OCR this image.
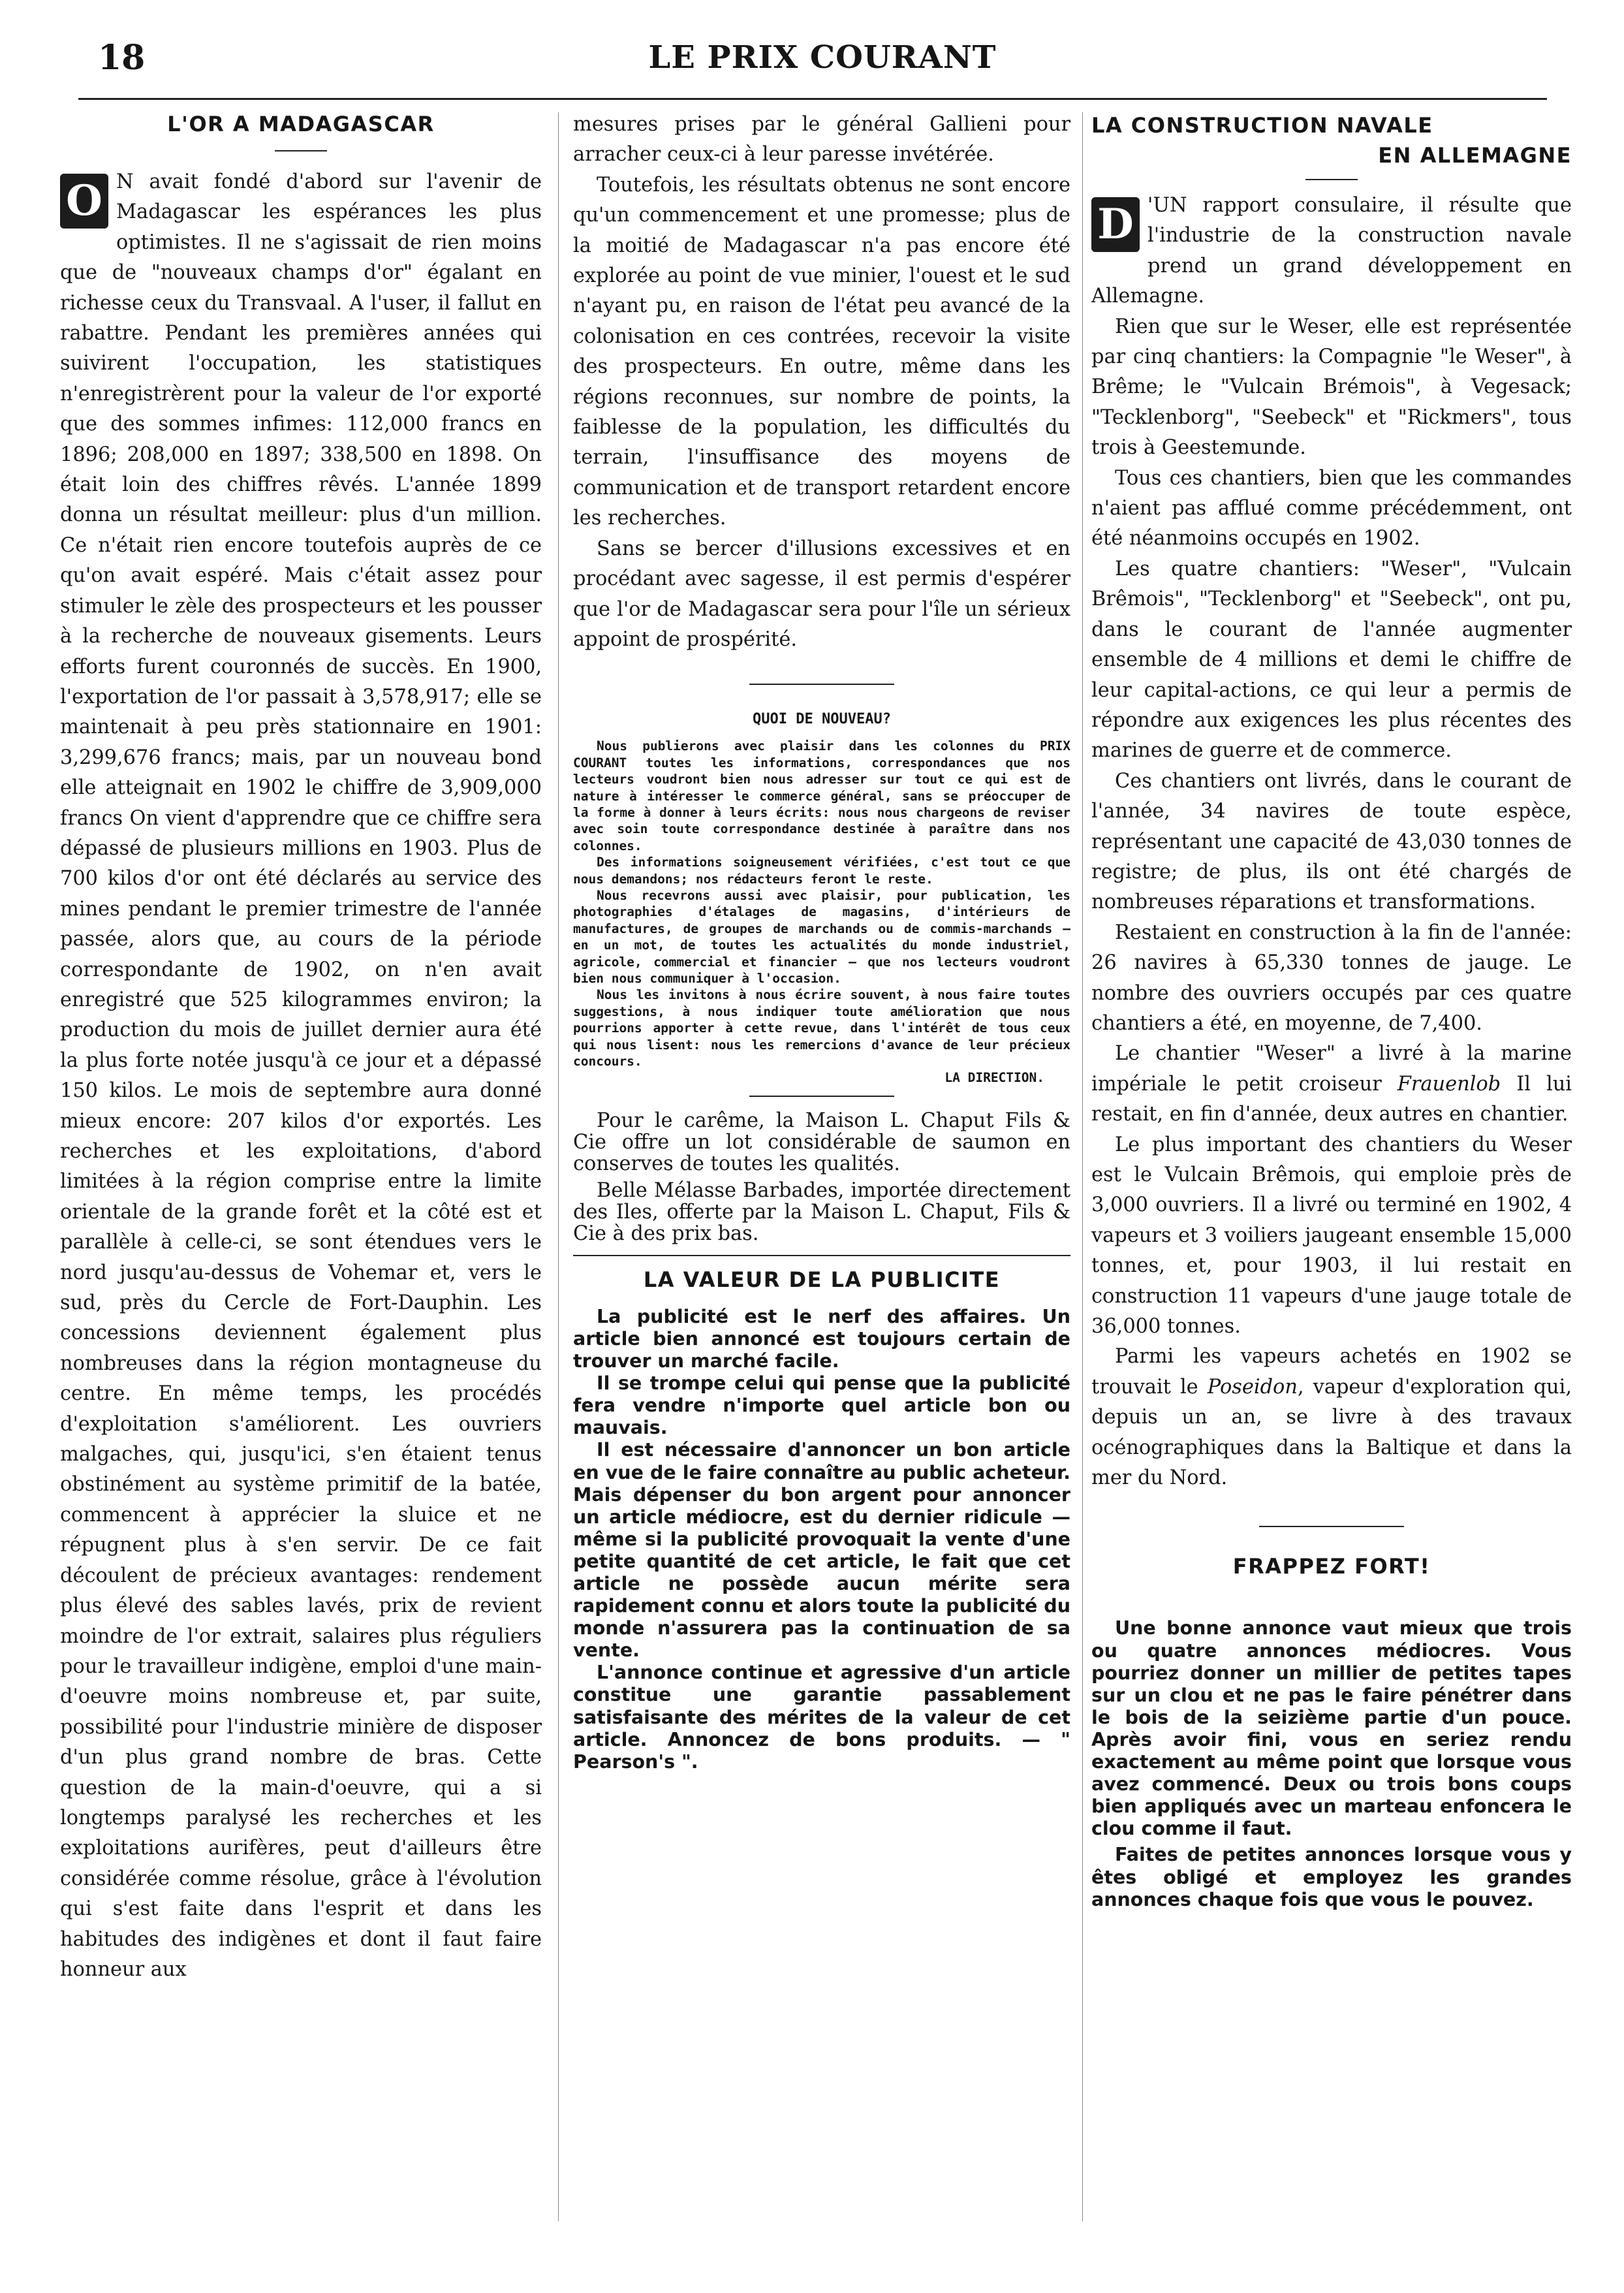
18	LE PRIX COURANT
L'OR A MADAGASCAR

O N avait fondé d'abord sur l'avenir de Madagascar les espérances les plus optimistes. Il ne s'agissait de rien moins que de "nouveaux champs d'or" égalant en richesse ceux du Transvaal. A l'user, il fallut en rabattre. Pendant les premières années qui suivirent l'occupation, les statistiques n'enregistrèrent pour la valeur de l'or exporté que des sommes infimes: 112,000 francs en 1896; 208,000 en 1897; 338,500 en 1898. On était loin des chiffres rêvés. L'année 1899 donna un résultat meilleur: plus d'un million. Ce n'était rien encore toutefois auprès de ce qu'on avait espéré. Mais c'était assez pour stimuler le zèle des prospecteurs et les pousser à la recherche de nouveaux gisements. Leurs efforts furent couronnés de succès. En 1900, l'exportation de l'or passait à 3,578,917; elle se maintenait à peu près stationnaire en 1901: 3,299,676 francs; mais, par un nouveau bond elle atteignait en 1902 le chiffre de 3,909,000 francs On vient d'apprendre que ce chiffre sera dépassé de plusieurs millions en 1903. Plus de 700 kilos d'or ont été déclarés au service des mines pendant le premier trimestre de l'année passée, alors que, au cours de la période correspondante de 1902, on n'en avait enregistré que 525 kilogrammes environ; la production du mois de juillet dernier aura été la plus forte notée jusqu'à ce jour et a dépassé 150 kilos. Le mois de septembre aura donné mieux encore: 207 kilos d'or exportés. Les recherches et les exploitations, d'abord limitées à la région comprise entre la limite orientale de la grande forêt et la côté est et parallèle à celle-ci, se sont étendues vers le nord jusqu'au-dessus de Vohemar et, vers le sud, près du Cercle de Fort-Dauphin. Les concessions deviennent également plus nombreuses dans la région montagneuse du centre. En même temps, les procédés d'exploitation s'améliorent. Les ouvriers malgaches, qui, jusqu'ici, s'en étaient tenus obstinément au système primitif de la batée, commencent à apprécier la sluice et ne répugnent plus à s'en servir. De ce fait découlent de précieux avantages: rendement plus élevé des sables lavés, prix de revient moindre de l'or extrait, salaires plus réguliers pour le travailleur indigène, emploi d'une main-d'oeuvre moins nombreuse et, par suite, possibilité pour l'industrie minière de disposer d'un plus grand nombre de bras. Cette question de la main-d'oeuvre, qui a si longtemps paralysé les recherches et les exploitations aurifères, peut d'ailleurs être considérée comme résolue, grâce à l'évolution qui s'est faite dans l'esprit et dans les habitudes des indigènes et dont il faut faire honneur aux

mesures prises par le général Gallieni pour arracher ceux-ci à leur paresse invétérée.

Toutefois, les résultats obtenus ne sont encore qu'un commencement et une promesse; plus de la moitié de Madagascar n'a pas encore été explorée au point de vue minier, l'ouest et le sud n'ayant pu, en raison de l'état peu avancé de la colonisation en ces contrées, recevoir la visite des prospecteurs. En outre, même dans les régions reconnues, sur nombre de points, la faiblesse de la population, les difficultés du terrain, l'insuffisance des moyens de communication et de transport retardent encore les recherches.

Sans se bercer d'illusions excessives et en procédant avec sagesse, il est permis d'espérer que l'or de Madagascar sera pour l'île un sérieux appoint de prospérité.

QUOI DE NOUVEAU?

Nous publierons avec plaisir dans les colonnes du PRIX COURANT toutes les informations, correspondances que nos lecteurs voudront bien nous adresser sur tout ce qui est de nature à intéresser le commerce général, sans se préoccuper de la forme à donner à leurs écrits: nous nous chargeons de reviser avec soin toute correspondance destinée à paraître dans nos colonnes.

Des informations soigneusement vérifiées, c'est tout ce que nous demandons; nos rédacteurs feront le reste.

Nous recevrons aussi avec plaisir, pour publication, les photographies d'étalages de magasins, d'intérieurs de manufactures, de groupes de marchands ou de commis-marchands — en un mot, de toutes les actualités du monde industriel, agricole, commercial et financier — que nos lecteurs voudront bien nous communiquer à l'occasion.

Nous les invitons à nous écrire souvent, à nous faire toutes suggestions, à nous indiquer toute amélioration que nous pourrions apporter à cette revue, dans l'intérêt de tous ceux qui nous lisent: nous les remercions d'avance de leur précieux concours.

LA DIRECTION.

Pour le carême, la Maison L. Chaput Fils & Cie offre un lot considérable de saumon en conserves de toutes les qualités.

Belle Mélasse Barbades, importée directement des Iles, offerte par la Maison L. Chaput, Fils & Cie à des prix bas.

LA VALEUR DE LA PUBLICITE

La publicité est le nerf des affaires. Un article bien annoncé est toujours certain de trouver un marché facile.

Il se trompe celui qui pense que la publicité fera vendre n'importe quel article bon ou mauvais.

Il est nécessaire d'annoncer un bon article en vue de le faire connaître au public acheteur. Mais dépenser du bon argent pour annoncer un article médiocre, est du dernier ridicule — même si la publicité provoquait la vente d'une petite quantité de cet article, le fait que cet article ne possède aucun mérite sera rapidement connu et alors toute la publicité du monde n'assurera pas la continuation de sa vente.

L'annonce continue et agressive d'un article constitue une garantie passablement satisfaisante des mérites de la valeur de cet article. Annoncez de bons produits. — " Pearson's ".

LA CONSTRUCTION NAVALE
EN ALLEMAGNE

D 'UN rapport consulaire, il résulte que l'industrie de la construction navale prend un grand développement en Allemagne.

Rien que sur le Weser, elle est représentée par cinq chantiers: la Compagnie "le Weser", à Brême; le "Vulcain Brémois", à Vegesack; "Tecklenborg", "Seebeck" et "Rickmers", tous trois à Geestemunde.

Tous ces chantiers, bien que les commandes n'aient pas afflué comme précédemment, ont été néanmoins occupés en 1902.

Les quatre chantiers: "Weser", "Vulcain Brêmois", "Tecklenborg" et "Seebeck", ont pu, dans le courant de l'année augmenter ensemble de 4 millions et demi le chiffre de leur capital-actions, ce qui leur a permis de répondre aux exigences les plus récentes des marines de guerre et de commerce.

Ces chantiers ont livrés, dans le courant de l'année, 34 navires de toute espèce, représentant une capacité de 43,030 tonnes de registre; de plus, ils ont été chargés de nombreuses réparations et transformations.

Restaient en construction à la fin de l'année: 26 navires à 65,330 tonnes de jauge. Le nombre des ouvriers occupés par ces quatre chantiers a été, en moyenne, de 7,400.

Le chantier "Weser" a livré à la marine impériale le petit croiseur Frauenlob Il lui restait, en fin d'année, deux autres en chantier.

Le plus important des chantiers du Weser est le Vulcain Brêmois, qui emploie près de 3,000 ouvriers. Il a livré ou terminé en 1902, 4 vapeurs et 3 voiliers jaugeant ensemble 15,000 tonnes, et, pour 1903, il lui restait en construction 11 vapeurs d'une jauge totale de 36,000 tonnes.

Parmi les vapeurs achetés en 1902 se trouvait le Poseidon, vapeur d'exploration qui, depuis un an, se livre à des travaux océnographiques dans la Baltique et dans la mer du Nord.

FRAPPEZ FORT!

Une bonne annonce vaut mieux que trois ou quatre annonces médiocres. Vous pourriez donner un millier de petites tapes sur un clou et ne pas le faire pénétrer dans le bois de la seizième partie d'un pouce. Après avoir fini, vous en seriez rendu exactement au même point que lorsque vous avez commencé. Deux ou trois bons coups bien appliqués avec un marteau enfoncera le clou comme il faut.

Faites de petites annonces lorsque vous y êtes obligé et employez les grandes annonces chaque fois que vous le pouvez.
